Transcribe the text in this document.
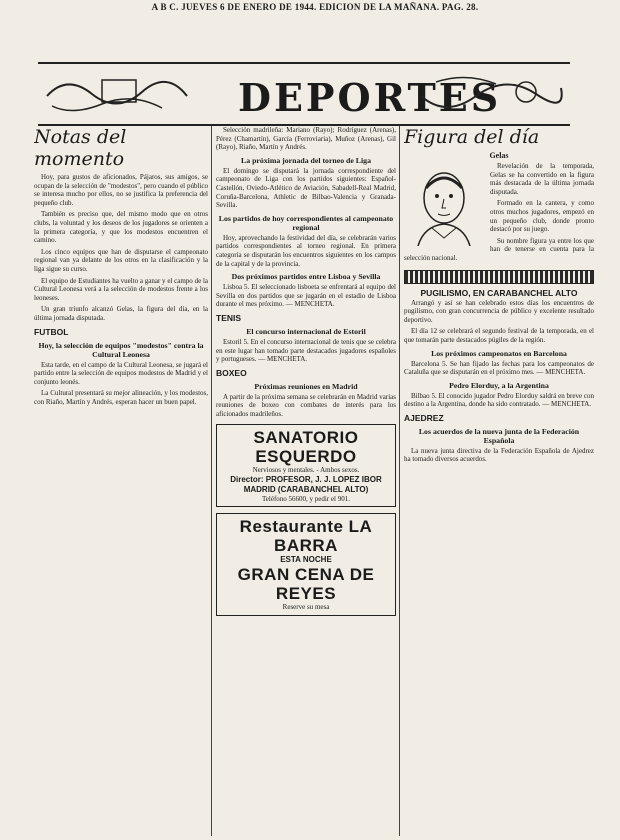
A B C. JUEVES 6 DE ENERO DE 1944. EDICION DE LA MAÑANA. PAG. 28.
DEPORTES
Notas del momento

Hoy, para gustos de aficionados, Pájaros, sus amigos, se ocupan de la selección de "modestos", pero cuando el público se interesa mucho por ellos, no se justifica la preferencia del pequeño club.

También es preciso que, del mismo modo que en otros clubs, la voluntad y los deseos de los jugadores se orienten a la primera categoría, y que los modestos encuentren el camino.

Los cinco equipos que han de disputarse el campeonato regional van ya delante de los otros en la clasificación y la liga sigue su curso.

El equipo de Estudiantes ha vuelto a ganar y el campo de la Cultural Leonesa verá a la selección de modestos frente a los leoneses.

Un gran triunfo alcanzó Gelas, la figura del día, en la última jornada disputada.

FUTBOL
Hoy, la selección de equipos "modestos" contra la Cultural Leonesa

Esta tarde, en el campo de la Cultural Leonesa, se jugará el partido entre la selección de equipos modestos de Madrid y el conjunto leonés.

La Cultural presentará su mejor alineación, y los modestos, con Riaño, Martín y Andrés, esperan hacer un buen papel.

Selección madrileña: Mariano (Rayo); Rodríguez (Arenas), Pérez (Chamartín), García (Ferroviaria), Muñoz (Arenas), Gil (Rayo), Riaño, Martín y Andrés.

La próxima jornada del torneo de Liga

El domingo se disputará la jornada correspondiente del campeonato de Liga con los partidos siguientes: Español-Castellón, Oviedo-Atlético de Aviación, Sabadell-Real Madrid, Coruña-Barcelona, Athletic de Bilbao-Valencia y Granada-Sevilla.

Los partidos de hoy correspondientes al campeonato regional

Hoy, aprovechando la festividad del día, se celebrarán varios partidos correspondientes al torneo regional. En primera categoría se disputarán los encuentros siguientes en los campos de la capital y de la provincia.

Dos próximos partidos entre Lisboa y Sevilla

Lisboa 5. El seleccionado lisboeta se enfrentará al equipo del Sevilla en dos partidos que se jugarán en el estadio de Lisboa durante el mes próximo. — MENCHETA.

TENIS
El concurso internacional de Estoril

Estoril 5. En el concurso internacional de tenis que se celebra en este lugar han tomado parte destacados jugadores españoles y portugueses. — MENCHETA.

BOXEO
Próximas reuniones en Madrid

A partir de la próxima semana se celebrarán en Madrid varias reuniones de boxeo con combates de interés para los aficionados madrileños.

SANATORIO ESQUERDO
Nerviosos y mentales. - Ambos sexos.
Director: PROFESOR, J. J. LOPEZ IBOR
MADRID (CARABANCHEL ALTO)
Teléfono 56600, y pedir el 901.
Restaurante LA BARRA
ESTA NOCHE
GRAN CENA DE REYES
Reserve su mesa
Figura del día
Gelas

Revelación de la temporada, Gelas se ha convertido en la figura más destacada de la última jornada disputada.

Formado en la cantera, y como otros muchos jugadores, empezó en un pequeño club, donde pronto destacó por su juego.

Su nombre figura ya entre los que han de tenerse en cuenta para la selección nacional.

PUGILISMO, EN CARABANCHEL ALTO

Arrangó y así se han celebrado estos días los encuentros de pugilismo, con gran concurrencia de público y excelente resultado deportivo.

El día 12 se celebrará el segundo festival de la temporada, en el que tomarán parte destacados púgiles de la región.

Los próximos campeonatos en Barcelona

Barcelona 5. Se han fijado las fechas para los campeonatos de Cataluña que se disputarán en el próximo mes. — MENCHETA.

Pedro Elorduy, a la Argentina

Bilbao 5. El conocido jugador Pedro Elorduy saldrá en breve con destino a la Argentina, donde ha sido contratado. — MENCHETA.

AJEDREZ
Los acuerdos de la nueva junta de la Federación Española

La nueva junta directiva de la Federación Española de Ajedrez ha tomado diversos acuerdos.
